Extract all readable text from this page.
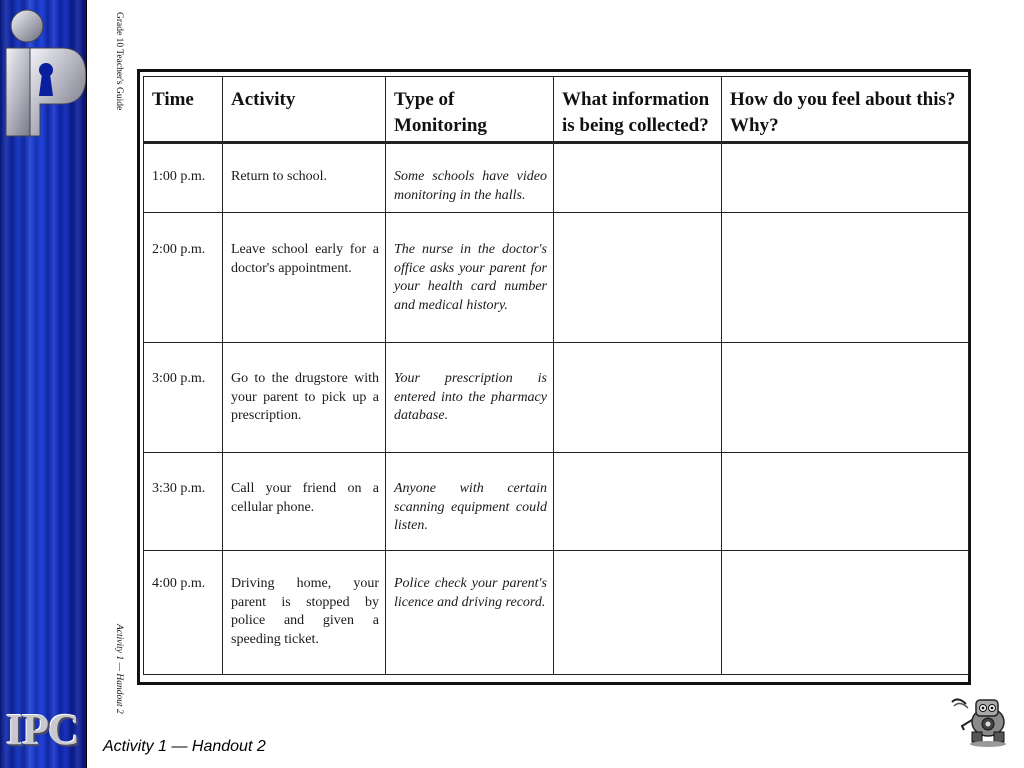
IPC
Grade 10 Teacher's Guide
Activity 1 — Handout 2
Time	Activity	Type of Monitoring	What information is being collected?	How do you feel about this? Why?
1:00 p.m.	Return to school.	Some schools have video monitoring in the halls.		
2:00 p.m.	Leave school early for a doctor's appointment.	The nurse in the doctor's office asks your parent for your health card number and medical history.		
3:00 p.m.	Go to the drugstore with your parent to pick up a prescription.	Your prescription is entered into the pharmacy database.		
3:30 p.m.	Call your friend on a cellular phone.	Anyone with certain scanning equipment could listen.		
4:00 p.m.	Driving home, your parent is stopped by police and given a speeding ticket.	Police check your parent's licence and driving record.		
Activity 1 — Handout 2
